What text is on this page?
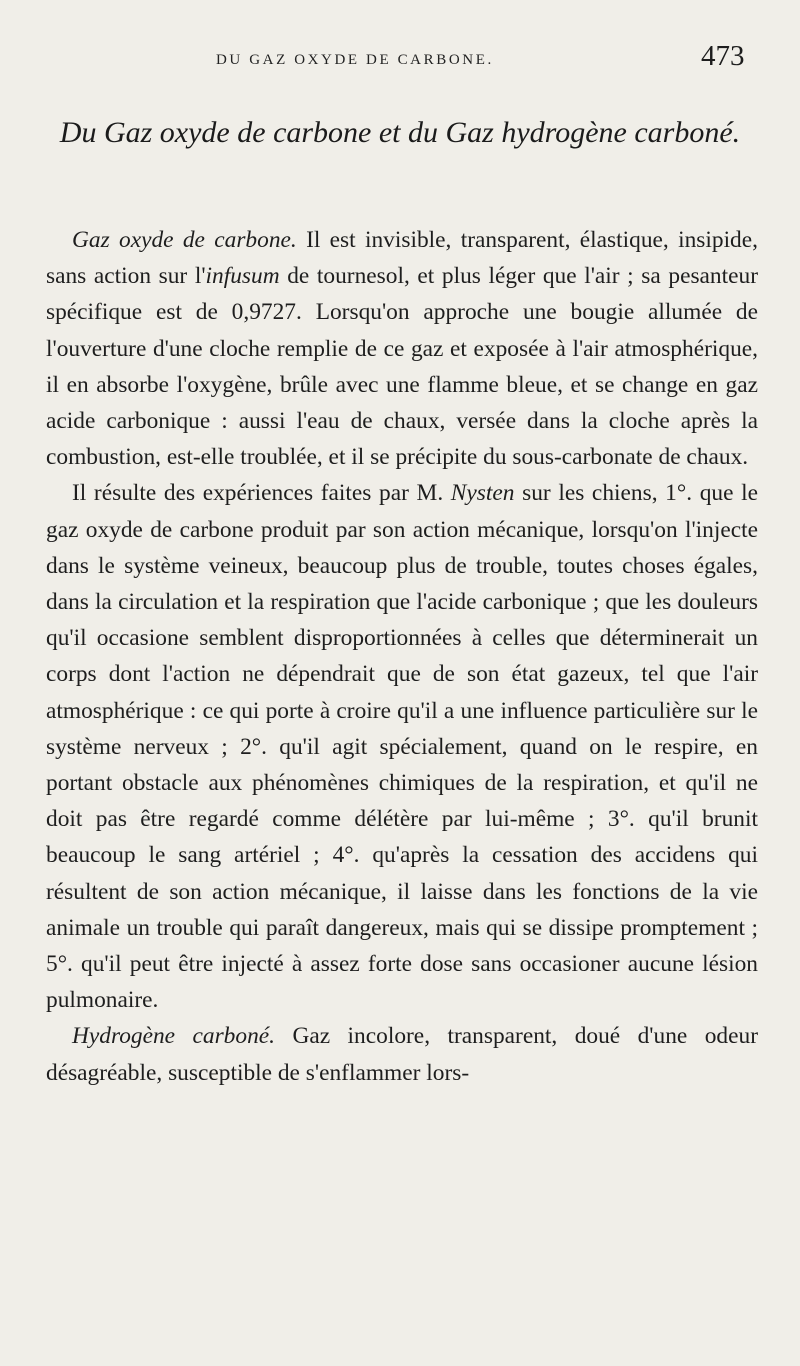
DU GAZ OXYDE DE CARBONE.	473
Du Gaz oxyde de carbone et du Gaz hydrogène carboné.

Gaz oxyde de carbone. Il est invisible, transparent, élastique, insipide, sans action sur l'infusum de tournesol, et plus léger que l'air ; sa pesanteur spécifique est de 0,9727. Lorsqu'on approche une bougie allumée de l'ouverture d'une cloche remplie de ce gaz et exposée à l'air atmosphérique, il en absorbe l'oxygène, brûle avec une flamme bleue, et se change en gaz acide carbonique : aussi l'eau de chaux, versée dans la cloche après la combustion, est-elle troublée, et il se précipite du sous-carbonate de chaux.

Il résulte des expériences faites par M. Nysten sur les chiens, 1°. que le gaz oxyde de carbone produit par son action mécanique, lorsqu'on l'injecte dans le système veineux, beaucoup plus de trouble, toutes choses égales, dans la circulation et la respiration que l'acide carbonique ; que les douleurs qu'il occasione semblent disproportionnées à celles que déterminerait un corps dont l'action ne dépendrait que de son état gazeux, tel que l'air atmosphérique : ce qui porte à croire qu'il a une influence particulière sur le système nerveux ; 2°. qu'il agit spécialement, quand on le respire, en portant obstacle aux phénomènes chimiques de la respiration, et qu'il ne doit pas être regardé comme délétère par lui-même ; 3°. qu'il brunit beaucoup le sang artériel ; 4°. qu'après la cessation des accidens qui résultent de son action mécanique, il laisse dans les fonctions de la vie animale un trouble qui paraît dangereux, mais qui se dissipe promptement ; 5°. qu'il peut être injecté à assez forte dose sans occasioner aucune lésion pulmonaire.

Hydrogène carboné. Gaz incolore, transparent, doué d'une odeur désagréable, susceptible de s'enflammer lors-
